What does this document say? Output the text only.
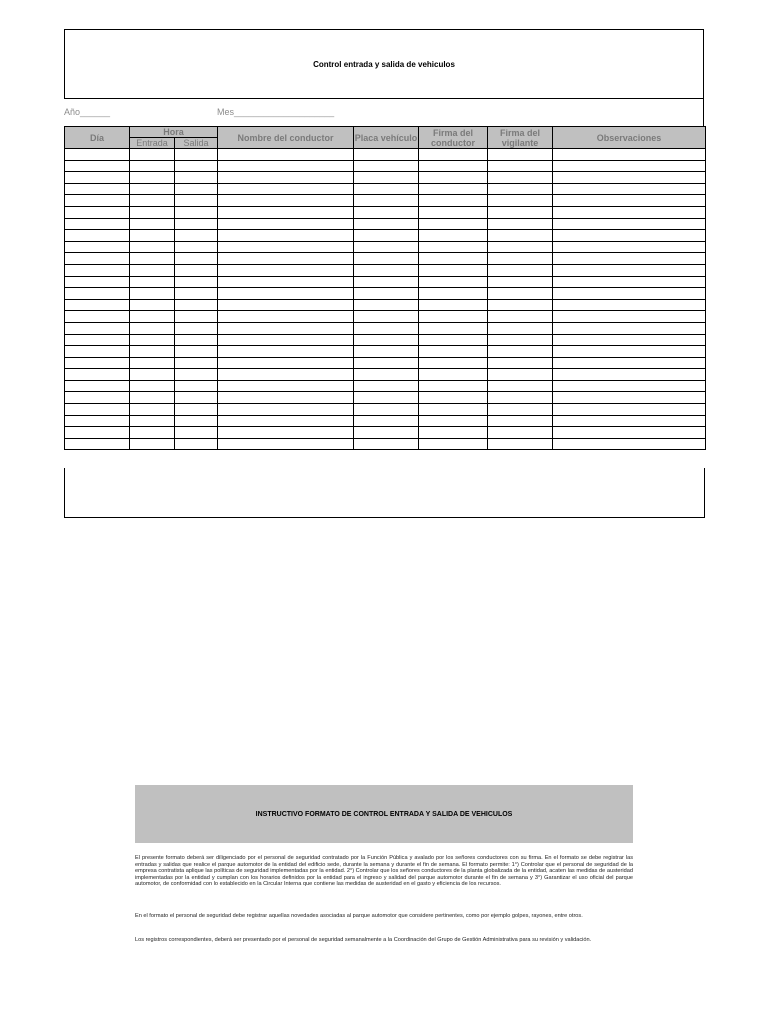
Control entrada y salida de vehiculos
Año______	Mes____________________
Día	Hora		Nombre del conductor	Placa vehículo	Firma del conductor	Firma del vigilante	Observaciones
	Entrada	Salida					

INSTRUCTIVO FORMATO DE CONTROL ENTRADA Y SALIDA DE VEHICULOS
El presente formato deberá ser diligenciado por el personal de seguridad contratado por la Función Pública y avalado por los señores conductores con su firma. En el formato se debe registrar las entradas y salidas que realice el parque automotor de la entidad del edificio sede, durante la semana y durante el fin de semana. El formato permite: 1°) Controlar que el personal de seguridad de la empresa contratista aplique las políticas de seguridad implementadas por la entidad. 2°) Controlar que los señores conductores de la planta globalizada de la entidad, acaten las medidas de austeridad implementadas por la entidad y cumplan con los horarios definidos por la entidad para el ingreso y salidad del parque automotor durante el fin de semana y 3°) Garantizar el uso oficial del parque automotor, de conformidad con lo establecido en la Circular Interna que contiene las medidas de austeridad en el gasto y eficiencia de los recursos.
En el formato el personal de seguridad debe registrar aquellas novedades asociadas al parque automotor que considere pertinentes, como por ejemplo golpes, rayones, entre otros.
Los registros correspondientes, deberá ser presentado por el personal de seguridad semanalmente a la Coordinación del Grupo de Gestión Administrativa para su revisión y validación.
